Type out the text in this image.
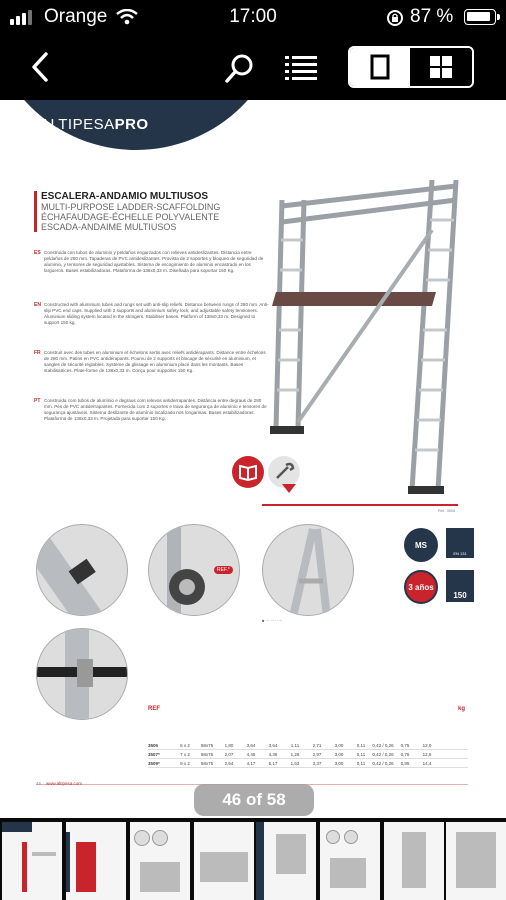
Orange	17:00	87 %
ALTIPESAPRO
ESCALERA-ANDAMIO MULTIUSOS
MULTI-PURPOSE LADDER-SCAFFOLDING
ÉCHAFAUDAGE-ÉCHELLE POLYVALENTE
ESCADA-ANDAIME MULTIUSOS
ES Construida con tubos de aluminio y peldaños engarzados con relieves antideslizantes. Distancia entre peldaños de 280 mm. Tapaderas de PVC antideslizantes. Provista de 2 soportes y bloqueo de seguridad de aluminio, y tensores de seguridad ajustables. Sistema de escogimiento de aluminio encastrado en los largueros. Bases estabilizadoras. Plataforma de 138x0,33 m. Diseñada para soportar 150 Kg.
EN Constructed with aluminium tubes and rungs set with anti-slip reliefs. Distance between rungs of 280 mm. Anti-slip PVC end caps. Supplied with 2 supports and aluminium safety lock, and adjustable safety tensioners. Aluminium sliding system located in the stringers. Stabiliser bases. Platform of 138x0,33 m. Designed to support 150 kg.
FR Construit avec des tubes en aluminium et échelons sertis avec reliefs antidérapants. Distance entre échelons de 280 mm. Patins en PVC antidérapants. Pourvu de 2 supports et blocage de sécurité en aluminium, et sangles de sécurité réglables. Système de glissage en aluminium placé dans les montants. Bases stabilisatrices. Plate-forme de 138x0,33 m. Conçu pour supporter 150 Kg.
PT Construída com tubos de alumínio e degraus com relevos antiderrapantes. Distância entre degraus de 280 mm. Pés de PVC antiderrapantes. Fornecida com 2 suportes e trava de segurança de alumínio e tensores de segurança ajustáveis. Sistema deslizante de alumínio localizado nos longarinas. Bases estabilizadoras. Plataforma de 138x0,33 m. Projetada para suportar 150 Kg.
Ref. 3506
REF.*
MS
EN 131
3 años
150
■ ··· ···· ····
REF
3506	6 x 2	58x75	1,80	3,64	3,64	1,11	2,71	3,00	0,11	0,42 / 0,26	0,75	12,0
3507*	7 x 2	58x75	2,07	4,45	4,36	1,28	2,97	3,00	0,11	0,42 / 0,26	0,75	12,6
3509*	9 x 2	58x75	2,64	4,17	5,17	1,63	3,37	3,00	0,11	0,42 / 0,26	0,85	14,4
kg
46 www.altipesa.com
46 of 58
